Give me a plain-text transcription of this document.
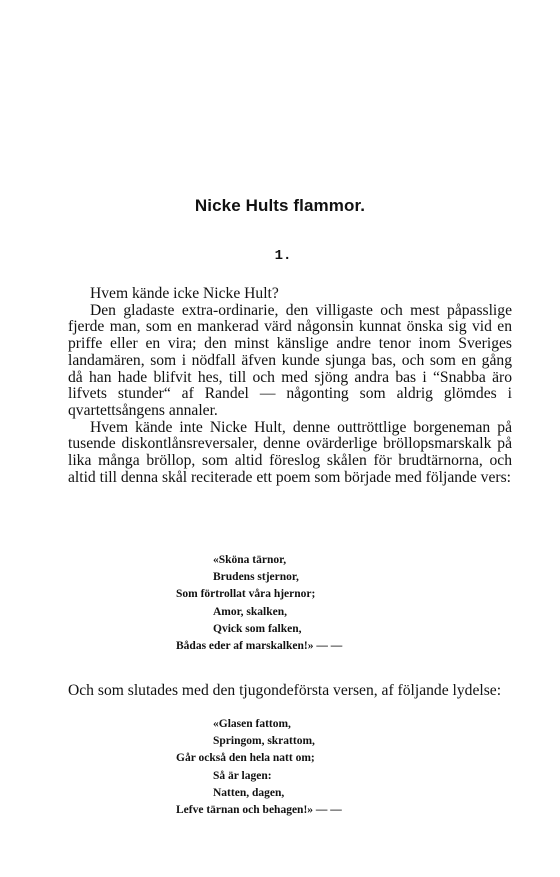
Nicke Hults flammor.
1.

Hvem kände icke Nicke Hult?

Den gladaste extra-ordinarie, den villigaste och mest påpasslige fjerde man, som en mankerad värd någonsin kunnat önska sig vid en priffe eller en vira; den minst känslige andre tenor inom Sveriges landamären, som i nödfall äfven kunde sjunga bas, och som en gång då han hade blifvit hes, till och med sjöng andra bas i “Snabba äro lifvets stunder“ af Randel — någonting som aldrig glömdes i qvartettsångens annaler.

Hvem kände inte Nicke Hult, denne outtröttlige borgeneman på tusende diskontlånsreversaler, denne ovärderlige bröllopsmarskalk på lika många bröllop, som altid föreslog skålen för brudtärnorna, och altid till denna skål reciterade ett poem som började med följande vers:

«Sköna tärnor,
Brudens stjernor,
Som förtrollat våra hjernor;
Amor, skalken,
Qvick som falken,
Bådas eder af marskalken!» — —

Och som slutades med den tjugondeförsta versen, af följande lydelse:

«Glasen fattom,
Springom, skrattom,
Går också den hela natt om;
Så är lagen:
Natten, dagen,
Lefve tärnan och behagen!» — —
